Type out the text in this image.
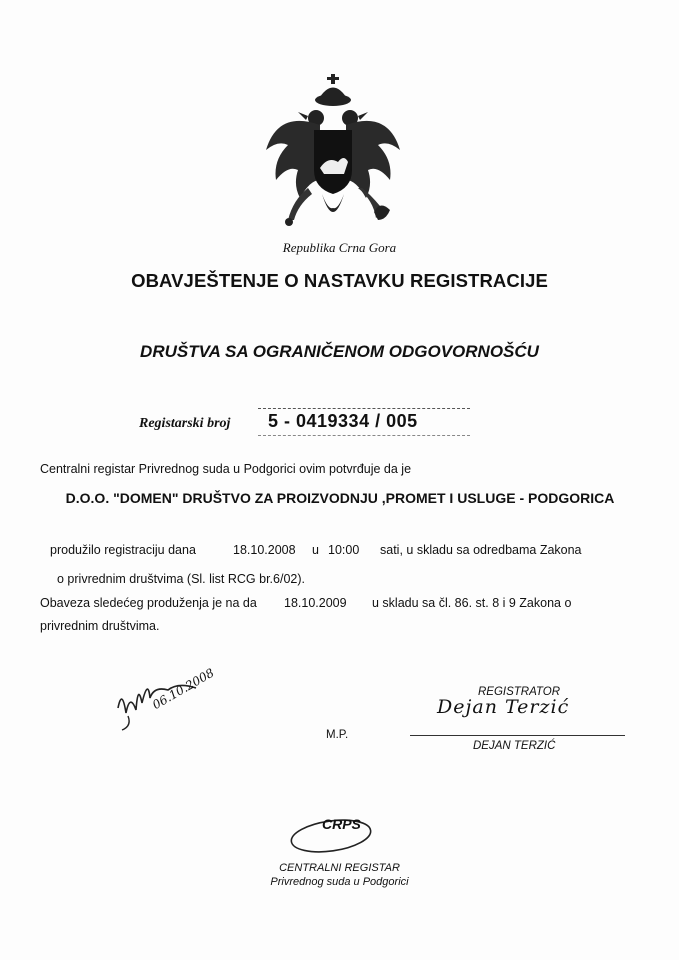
Republika Crna Gora
OBAVJEŠTENJE O NASTAVKU REGISTRACIJE
DRUŠTVA SA OGRANIČENOM ODGOVORNOŠĆU
Registarski broj 5 - 0419334 / 005
Centralni registar Privrednog suda u Podgorici ovim potvrđuje da je
D.O.O. "DOMEN" DRUŠTVO ZA PROIZVODNJU ,PROMET I USLUGE - PODGORICA
produžilo registraciju dana	18.10.2008 u 10:00 sati, u skladu sa odredbama Zakona
o privrednim društvima (Sl. list RCG br.6/02).
Obaveza sledećeg produženja je na da 18.10.2009 u skladu sa čl. 86. st. 8 i 9 Zakona o
privrednim društvima.
06.10.2008
M.P.
REGISTRATOR
Dejan Terzić
DEJAN TERZIĆ
CRPS
CENTRALNI REGISTAR
Privrednog suda u Podgorici
